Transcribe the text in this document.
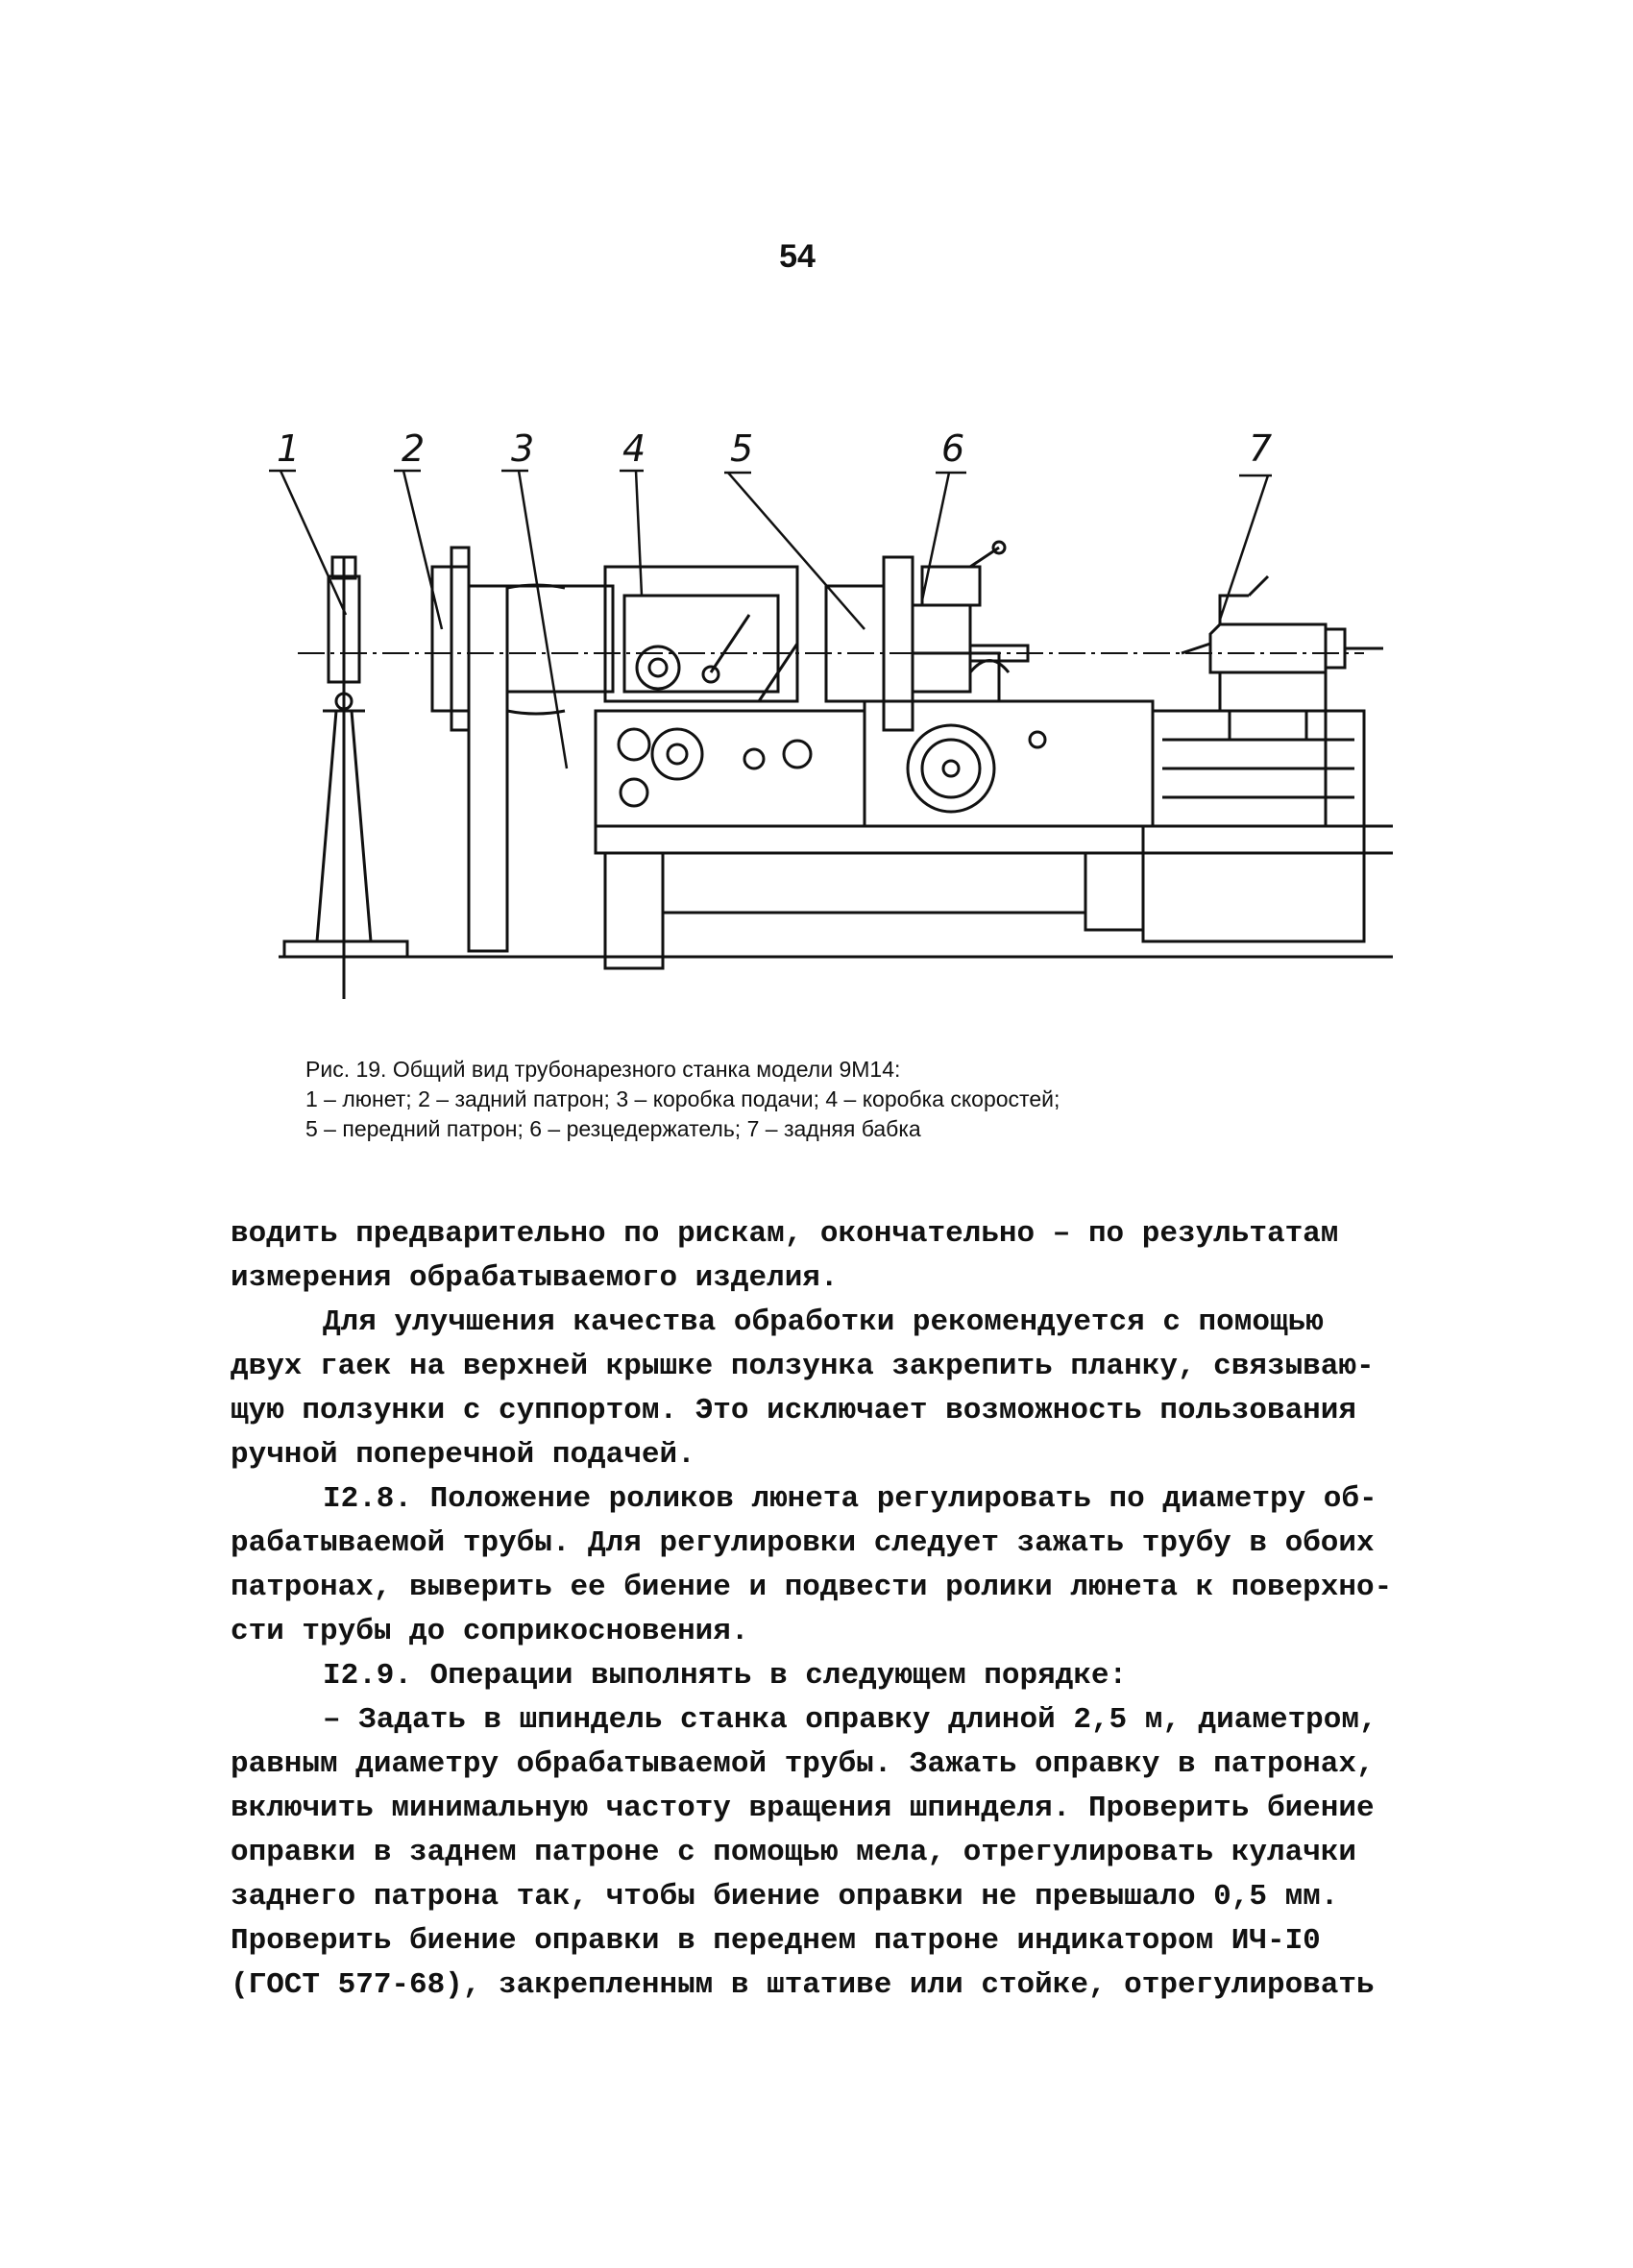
54
1	2 3 4 5	6	7
Рис. 19. Общий вид трубонарезного станка модели 9М14:
1 – люнет; 2 – задний патрон; 3 – коробка подачи; 4 – коробка скоростей;
5 – передний патрон; 6 – резцедержатель; 7 – задняя бабка

водить предварительно по рискам, окончательно – по результатам

измерения обрабатываемого изделия.

Для улучшения качества обработки рекомендуется с помощью

двух гаек на верхней крышке ползунка закрепить планку, связываю-

щую ползунки с суппортом. Это исключает возможность пользования

ручной поперечной подачей.

I2.8. Положение роликов люнета регулировать по диаметру об-

рабатываемой трубы. Для регулировки следует зажать трубу в обоих

патронах, выверить ее биение и подвести ролики люнета к поверхно-

сти трубы до соприкосновения.

I2.9. Операции выполнять в следующем порядке:

– Задать в шпиндель станка оправку длиной 2,5 м, диаметром,

равным диаметру обрабатываемой трубы. Зажать оправку в патронах,

включить минимальную частоту вращения шпинделя. Проверить биение

оправки в заднем патроне с помощью мела, отрегулировать кулачки

заднего патрона так, чтобы биение оправки не превышало 0,5 мм.

Проверить биение оправки в переднем патроне индикатором ИЧ-I0

(ГОСТ 577-68), закрепленным в штативе или стойке, отрегулировать
